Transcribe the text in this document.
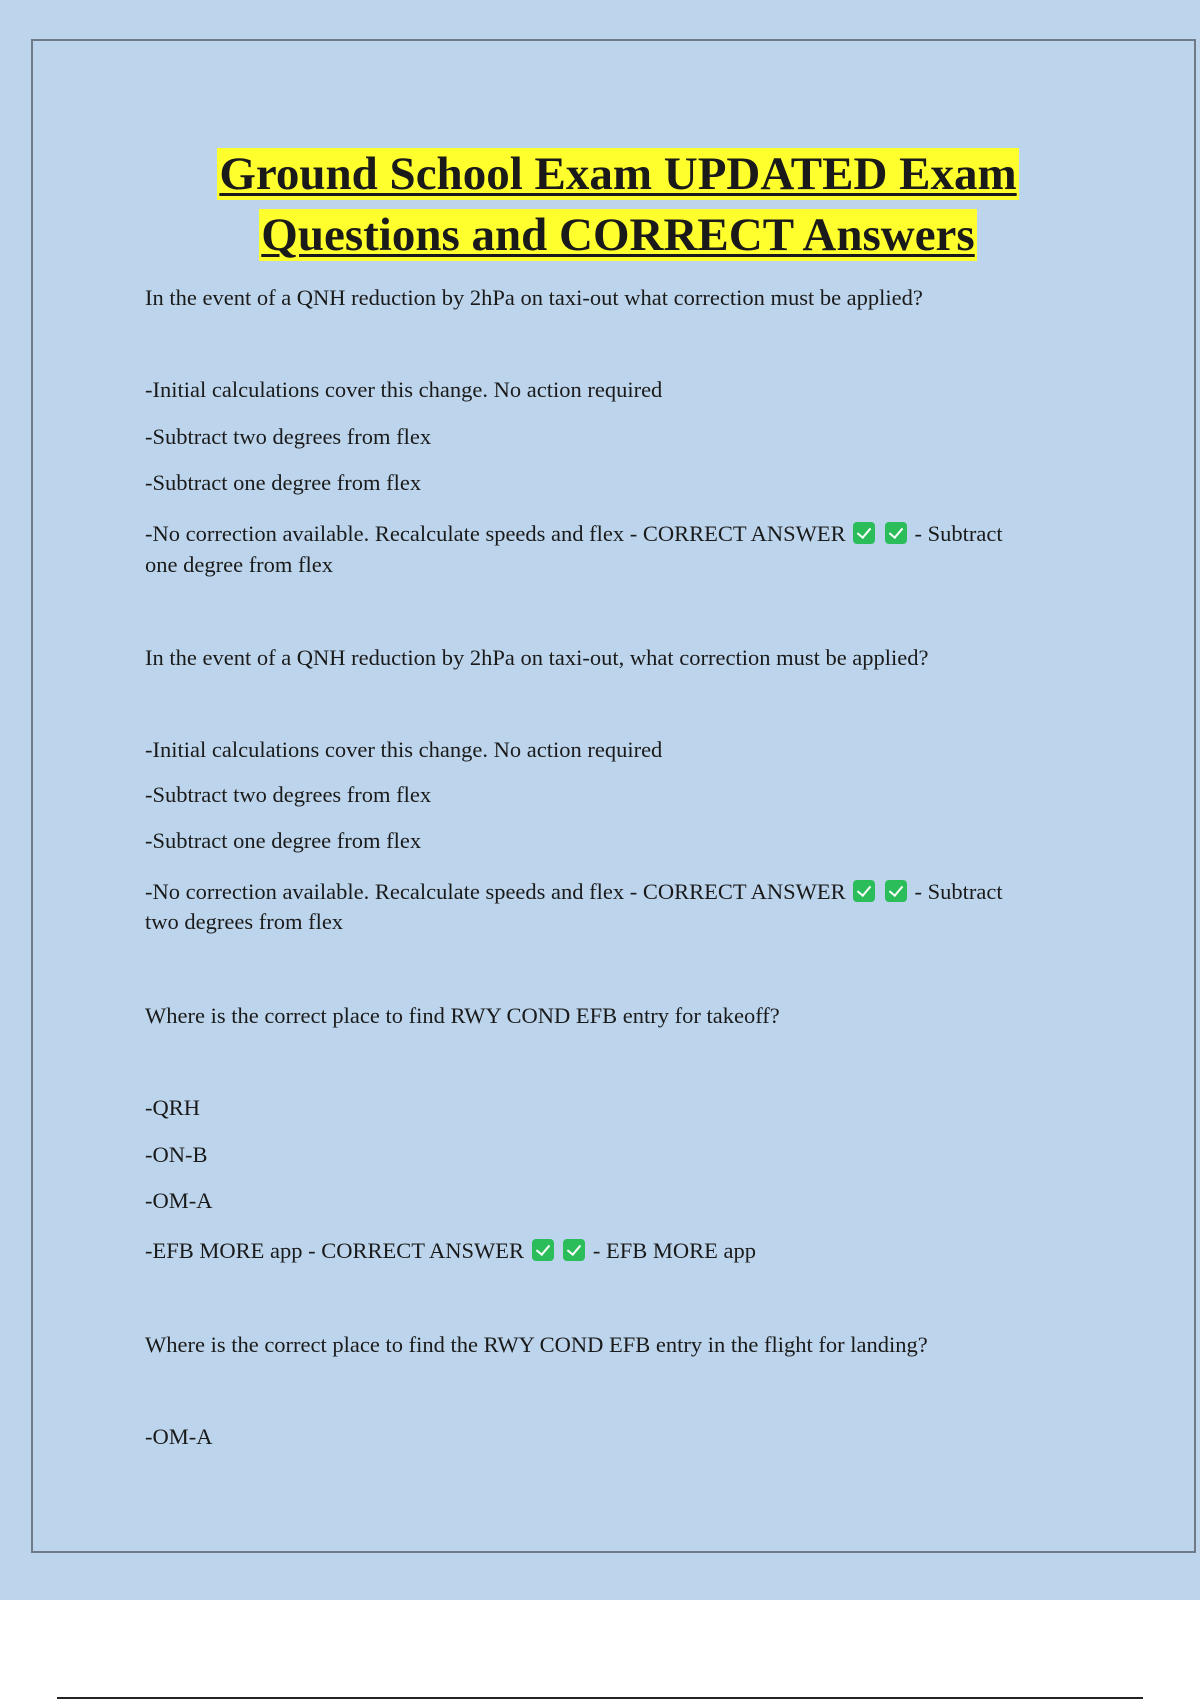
Ground School Exam UPDATED Exam
Questions and CORRECT Answers
In the event of a QNH reduction by 2hPa on taxi-out what correction must be applied?
-Initial calculations cover this change. No action required
-Subtract two degrees from flex
-Subtract one degree from flex
-No correction available. Recalculate speeds and flex - CORRECT ANSWER	- Subtract
one degree from flex
In the event of a QNH reduction by 2hPa on taxi-out, what correction must be applied?
-Initial calculations cover this change. No action required
-Subtract two degrees from flex
-Subtract one degree from flex
-No correction available. Recalculate speeds and flex - CORRECT ANSWER	- Subtract
two degrees from flex
Where is the correct place to find RWY COND EFB entry for takeoff?
-QRH
-ON-B
-OM-A
-EFB MORE app - CORRECT ANSWER	- EFB MORE app
Where is the correct place to find the RWY COND EFB entry in the flight for landing?
-OM-A
